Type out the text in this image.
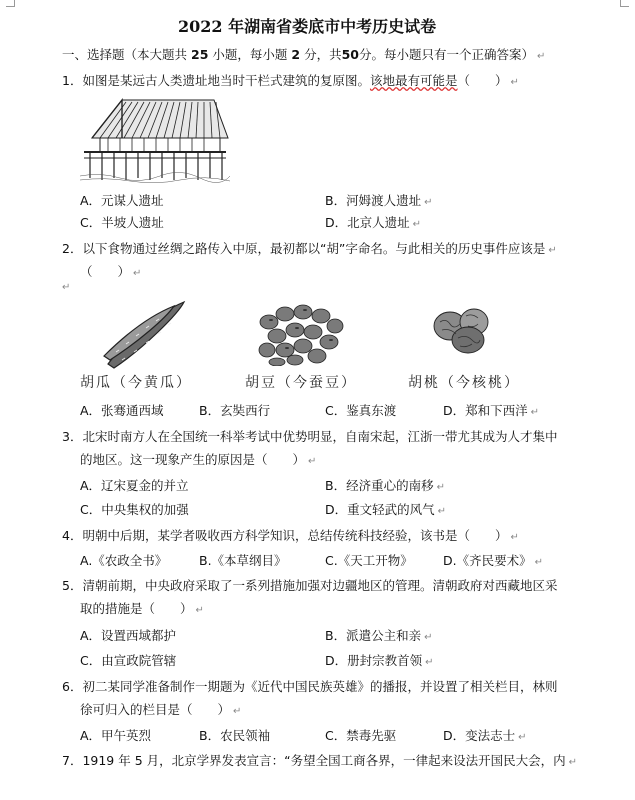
2022 年湖南省娄底市中考历史试卷
一、选择题（本大题共 25 小题，每小题 2 分，共50分。每小题只有一个正确答案） ↵
1．如图是某远古人类遗址地当时干栏式建筑的复原图。该地最有可能是（　　） ↵
A．元谋人遗址	B．河姆渡人遗址 ↵
C．半坡人遗址	D．北京人遗址 ↵
2．以下食物通过丝绸之路传入中原，最初都以“胡”字命名。与此相关的历史事件应该是 ↵
（　　） ↵
↵
胡瓜（今黄瓜）	胡豆（今蚕豆）	胡桃（今核桃）
A．张骞通西域	B．玄奘西行	C．鉴真东渡	D．郑和下西洋 ↵
3．北宋时南方人在全国统一科举考试中优势明显，自南宋起，江浙一带尤其成为人才集中
的地区。这一现象产生的原因是（　　） ↵
A．辽宋夏金的并立	B．经济重心的南移 ↵
C．中央集权的加强	D．重文轻武的风气 ↵
4．明朝中后期，某学者吸收西方科学知识，总结传统科技经验，该书是（　　） ↵
A.《农政全书》	B.《本草纲目》	C.《天工开物》 D.《齐民要术》 ↵
5．清朝前期，中央政府采取了一系列措施加强对边疆地区的管理。清朝政府对西藏地区采
取的措施是（　　） ↵
A．设置西域都护	B．派遣公主和亲 ↵
C．由宣政院管辖	D．册封宗教首领 ↵
6．初二某同学准备制作一期题为《近代中国民族英雄》的播报，并设置了相关栏目，林则
徐可归入的栏目是（　　） ↵
A．甲午英烈	B．农民领袖	C．禁毒先驱	D．变法志士 ↵
7．1919 年 5 月，北京学界发表宣言：“务望全国工商各界，一律起来设法开国民大会，内 ↵
